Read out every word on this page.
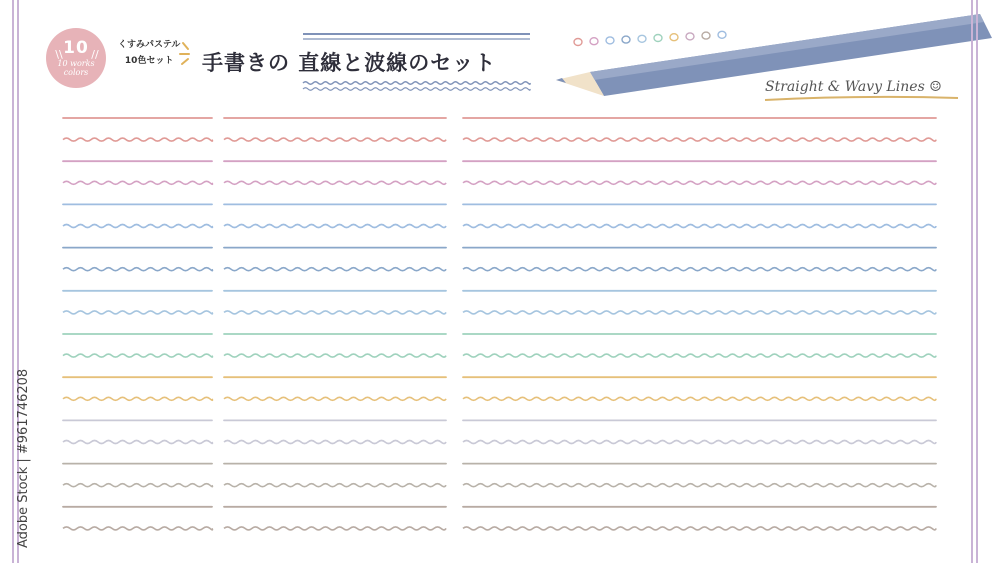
\\	//
10
10 works colors
くすみパステル
10色セット	手書きの 直線と波線のセット
Straight & Wavy Lines ☺
Adobe Stock | #961746208
